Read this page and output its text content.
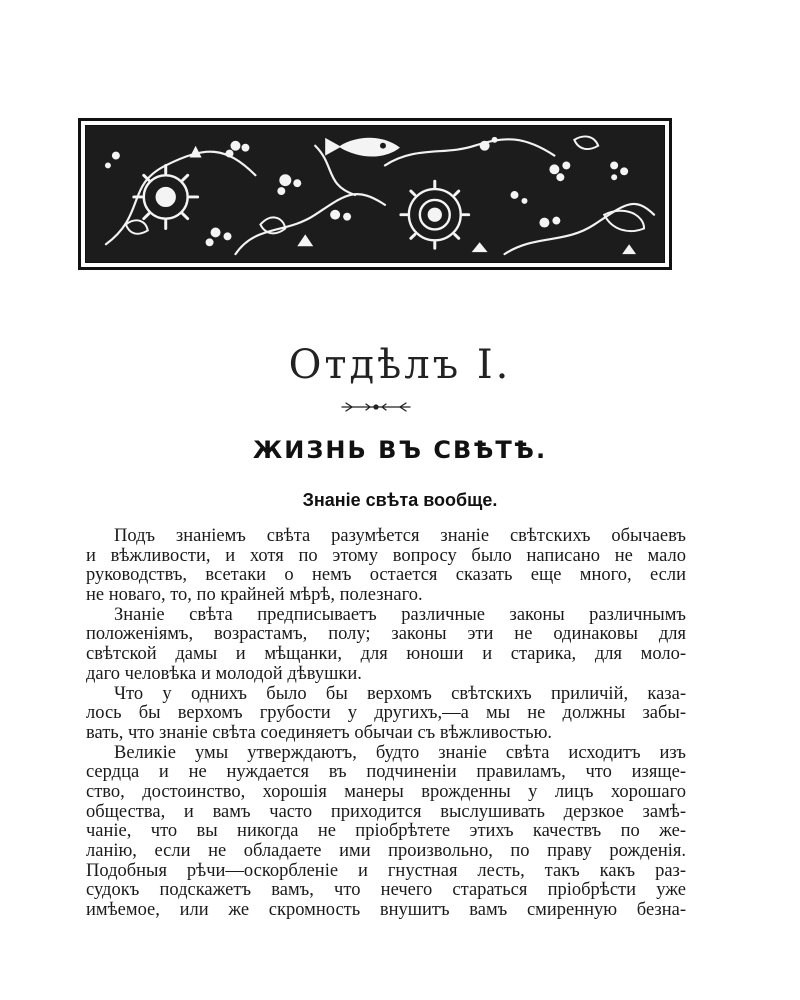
Отдѣлъ I.
ЖИЗНЬ ВЪ СВѢТѢ.
Знаніе свѣта вообще.
Подъ знаніемъ свѣта разумѣется знаніе свѣтскихъ обычаевъ
и вѣжливости, и хотя по этому вопросу было написано не мало
руководствъ, всетаки о немъ остается сказать еще много, если
не новаго, то, по крайней мѣрѣ, полезнаго.
Знаніе свѣта предписываетъ различные законы различнымъ
положеніямъ, возрастамъ, полу; законы эти не одинаковы для
свѣтской дамы и мѣщанки, для юноши и старика, для моло-
даго человѣка и молодой дѣвушки.
Что у однихъ было бы верхомъ свѣтскихъ приличій, каза-
лось бы верхомъ грубости у другихъ,—а мы не должны забы-
вать, что знаніе свѣта соединяетъ обычаи съ вѣжливостью.
Великіе умы утверждаютъ, будто знаніе свѣта исходитъ изъ
сердца и не нуждается въ подчиненіи правиламъ, что изяще-
ство, достоинство, хорошія манеры врожденны у лицъ хорошаго
общества, и вамъ часто приходится выслушивать дерзкое замѣ-
чаніе, что вы никогда не пріобрѣтете этихъ качествъ по же-
ланію, если не обладаете ими произвольно, по праву рожденія.
Подобныя рѣчи—оскорбленіе и гнустная лесть, такъ какъ раз-
судокъ подскажетъ вамъ, что нечего стараться пріобрѣсти уже
имѣемое, или же скромность внушитъ вамъ смиренную безна-
